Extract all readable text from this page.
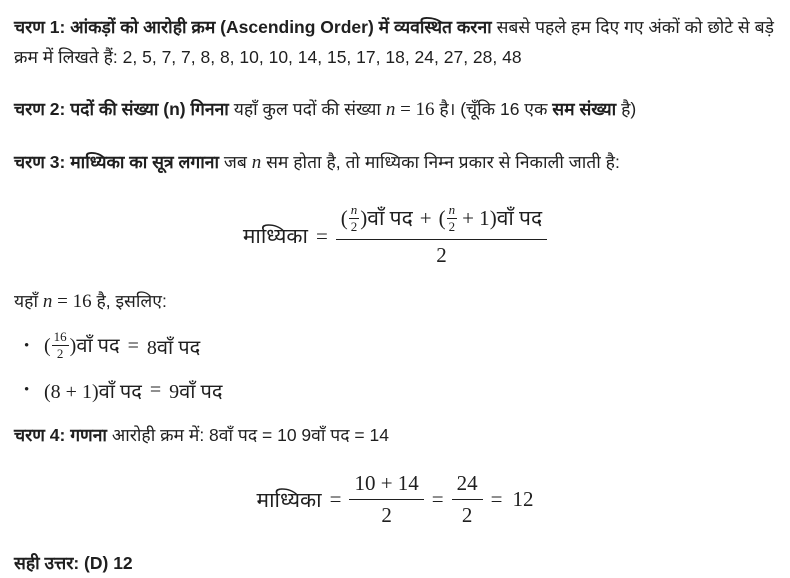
चरण 1: आंकड़ों को आरोही क्रम (Ascending Order) में व्यवस्थित करना सबसे पहले हम दिए गए अंकों को छोटे से बड़े क्रम में लिखते हैं: 2, 5, 7, 7, 8, 8, 10, 10, 14, 15, 17, 18, 24, 27, 28, 48

चरण 2: पदों की संख्या (n) गिनना यहाँ कुल पदों की संख्या n = 16 है। (चूँकि 16 एक सम संख्या है)

चरण 3: माध्यिका का सूत्र लगाना जब n सम होता है, तो माध्यिका निम्न प्रकार से निकाली जाती है:

माध्यिका = $\frac{( \frac{n}{2} )वाँ पद + ( \frac{n}{2} + 1)वाँ पद}{2}$

यहाँ n = 16 है, इसलिए:

• ( $\frac{16}{2}$ )वाँ पद = 8वाँ पद
• (8 + 1)वाँ पद = 9वाँ पद

चरण 4: गणना आरोही क्रम में: 8वाँ पद = 10 9वाँ पद = 14

माध्यिका = $\frac{10 + 14}{2} = \frac{24}{2} = 12$

सही उत्तर: (D) 12
